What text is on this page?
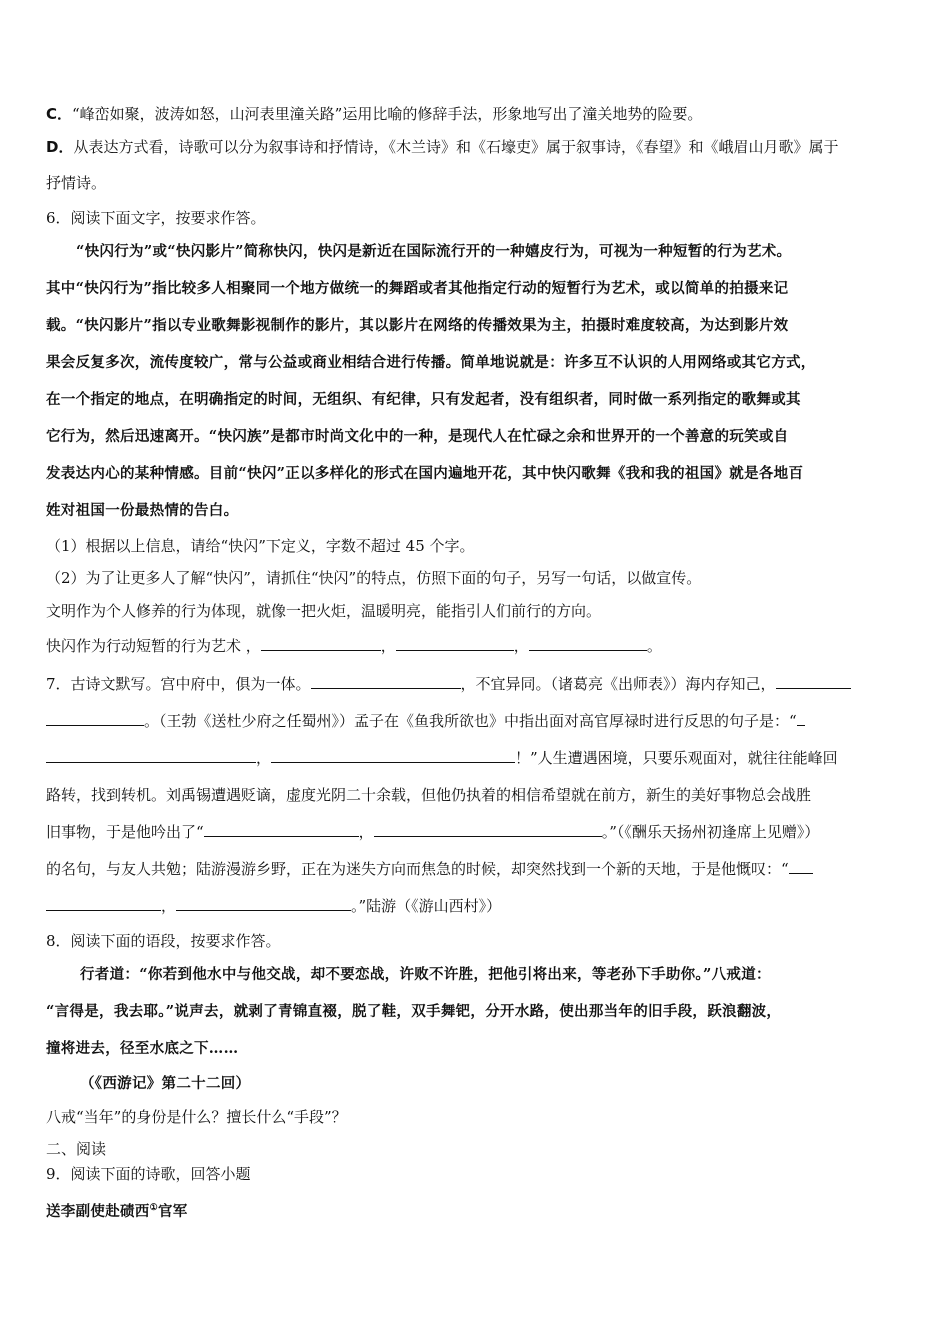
C．“峰峦如聚，波涛如怒，山河表里潼关路”运用比喻的修辞手法，形象地写出了潼关地势的险要。
D．从表达方式看，诗歌可以分为叙事诗和抒情诗，《木兰诗》和《石壕吏》属于叙事诗，《春望》和《峨眉山月歌》属于
抒情诗。
6．阅读下面文字，按要求作答。
“快闪行为”或“快闪影片”简称快闪，快闪是新近在国际流行开的一种嬉皮行为，可视为一种短暂的行为艺术。
其中“快闪行为”指比较多人相聚同一个地方做统一的舞蹈或者其他指定行动的短暂行为艺术，或以简单的拍摄来记
载。“快闪影片”指以专业歌舞影视制作的影片，其以影片在网络的传播效果为主，拍摄时难度较高，为达到影片效
果会反复多次，流传度较广，常与公益或商业相结合进行传播。简单地说就是：许多互不认识的人用网络或其它方式，
在一个指定的地点，在明确指定的时间，无组织、有纪律，只有发起者，没有组织者，同时做一系列指定的歌舞或其
它行为，然后迅速离开。“快闪族”是都市时尚文化中的一种，是现代人在忙碌之余和世界开的一个善意的玩笑或自
发表达内心的某种情感。目前“快闪”正以多样化的形式在国内遍地开花，其中快闪歌舞《我和我的祖国》就是各地百
姓对祖国一份最热情的告白。
（1）根据以上信息，请给“快闪”下定义，字数不超过 45 个字。
（2）为了让更多人了解“快闪”，请抓住“快闪”的特点，仿照下面的句子，另写一句话，以做宣传。
文明作为个人修养的行为体现，就像一把火炬，温暖明亮，能指引人们前行的方向。
快闪作为行动短暂的行为艺术 ，	，	，	。
7．古诗文默写。宫中府中，俱为一体。	，不宜异同。（诸葛亮《出师表》）海内存知己，
。（王勃《送杜少府之任蜀州》）孟子在《鱼我所欲也》中指出面对高官厚禄时进行反思的句子是：“
，	！”人生遭遇困境，只要乐观面对，就往往能峰回
路转，找到转机。刘禹锡遭遇贬谪，虚度光阴二十余载，但他仍执着的相信希望就在前方，新生的美好事物总会战胜
旧事物，于是他吟出了“	，	。”（《酬乐天扬州初逢席上见赠》）
的名句，与友人共勉；陆游漫游乡野，正在为迷失方向而焦急的时候，却突然找到一个新的天地，于是他慨叹：“
，	。”陆游（《游山西村》）
8．阅读下面的语段，按要求作答。
行者道：“你若到他水中与他交战，却不要恋战，许败不许胜，把他引将出来，等老孙下手助你。”八戒道：
“言得是，我去耶。”说声去，就剥了青锦直裰，脱了鞋，双手舞钯，分开水路，使出那当年的旧手段，跃浪翻波，
撞将进去，径至水底之下……
（《西游记》第二十二回）
八戒“当年”的身份是什么？擅长什么“手段”？
二、阅读
9．阅读下面的诗歌，回答小题
送李副使赴碛西①官军
